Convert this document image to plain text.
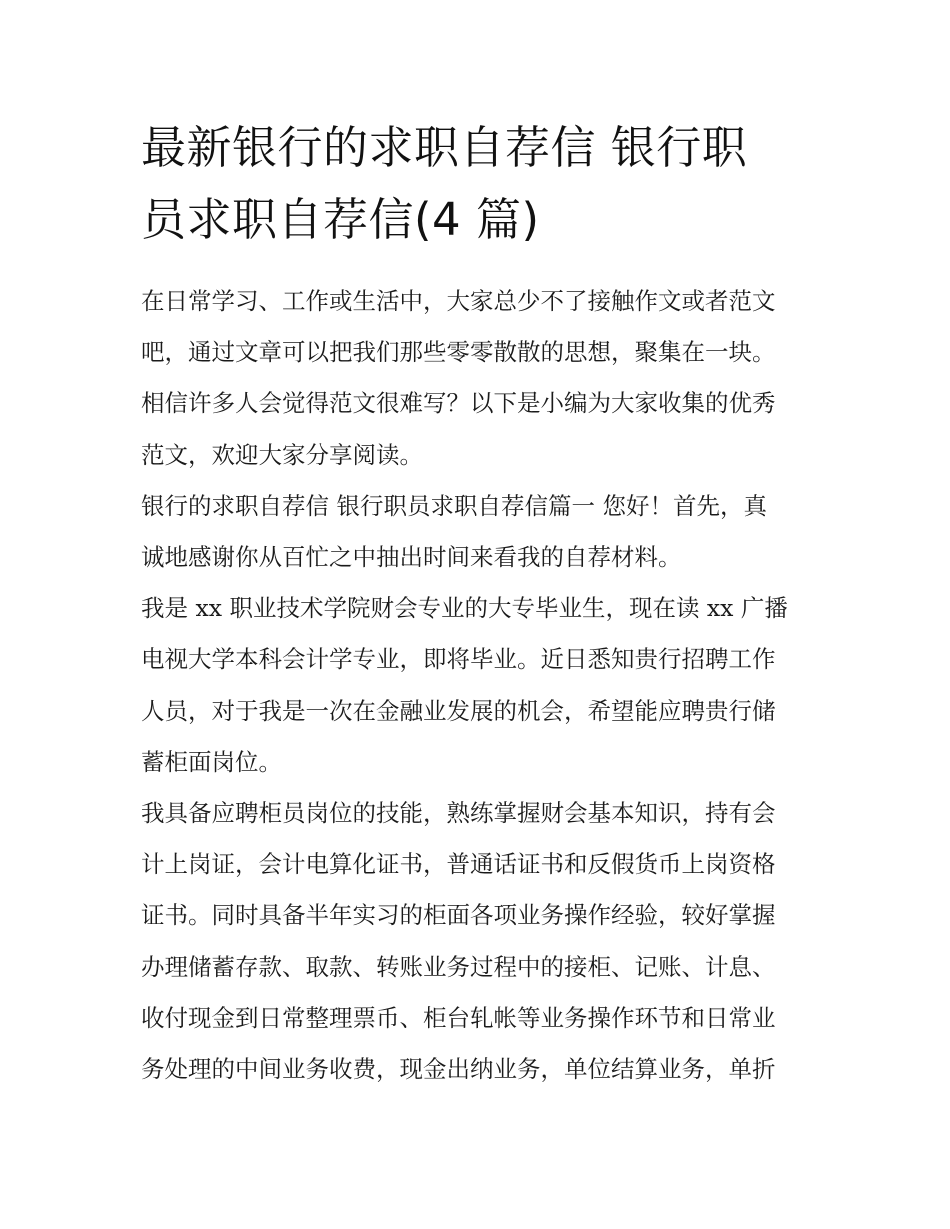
最新银行的求职自荐信 银行职
员求职自荐信(4 篇)

在日常学习、工作或生活中，大家总少不了接触作文或者范文
吧，通过文章可以把我们那些零零散散的思想，聚集在一块。
相信许多人会觉得范文很难写？以下是小编为大家收集的优秀
范文，欢迎大家分享阅读。

银行的求职自荐信 银行职员求职自荐信篇一 您好！首先，真
诚地感谢你从百忙之中抽出时间来看我的自荐材料。

我是 xx 职业技术学院财会专业的大专毕业生，现在读 xx 广播
电视大学本科会计学专业，即将毕业。近日悉知贵行招聘工作
人员，对于我是一次在金融业发展的机会，希望能应聘贵行储
蓄柜面岗位。

我具备应聘柜员岗位的技能，熟练掌握财会基本知识，持有会
计上岗证，会计电算化证书，普通话证书和反假货币上岗资格
证书。同时具备半年实习的柜面各项业务操作经验，较好掌握
办理储蓄存款、取款、转账业务过程中的接柜、记账、计息、
收付现金到日常整理票币、柜台轧帐等业务操作环节和日常业
务处理的中间业务收费，现金出纳业务，单位结算业务，单折
